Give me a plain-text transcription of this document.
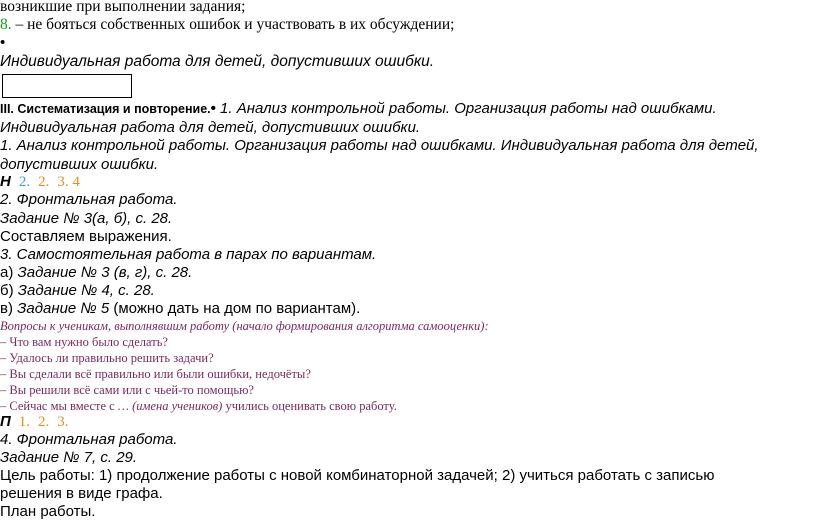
возникшие при выполнении задания;
8. – не бояться собственных ошибок и участвовать в их обсуждении;
•
Индивидуальная работа для детей, допустивших ошибки.
III. Систематизация и повторение.• 1. Анализ контрольной работы. Организация работы над ошибками.
Индивидуальная работа для детей, допустивших ошибки.
1. Анализ контрольной работы. Организация работы над ошибками. Индивидуальная работа для детей,
допустивших ошибки.
Н 2. 2. 3. 4
2. Фронтальная работа.
Задание № 3(а, б), с. 28.
Составляем выражения.
3. Самостоятельная работа в парах по вариантам.
а) Задание № 3 (в, г), с. 28.
б) Задание № 4, с. 28.
в) Задание № 5 (можно дать на дом по вариантам).
Вопросы к ученикам, выполнявшим работу (начало формирования алгоритма самооценки):
– Что вам нужно было сделать?
– Удалось ли правильно решить задачи?
– Вы сделали всё правильно или были ошибки, недочёты?
– Вы решили всё сами или с чьей-то помощью?
– Сейчас мы вместе с … (имена учеников) учились оценивать свою работу.
П 1. 2. 3.
4. Фронтальная работа.
Задание № 7, с. 29.
Цель работы: 1) продолжение работы с новой комбинаторной задачей; 2) учиться работать с записью
решения в виде графа.
План работы.
